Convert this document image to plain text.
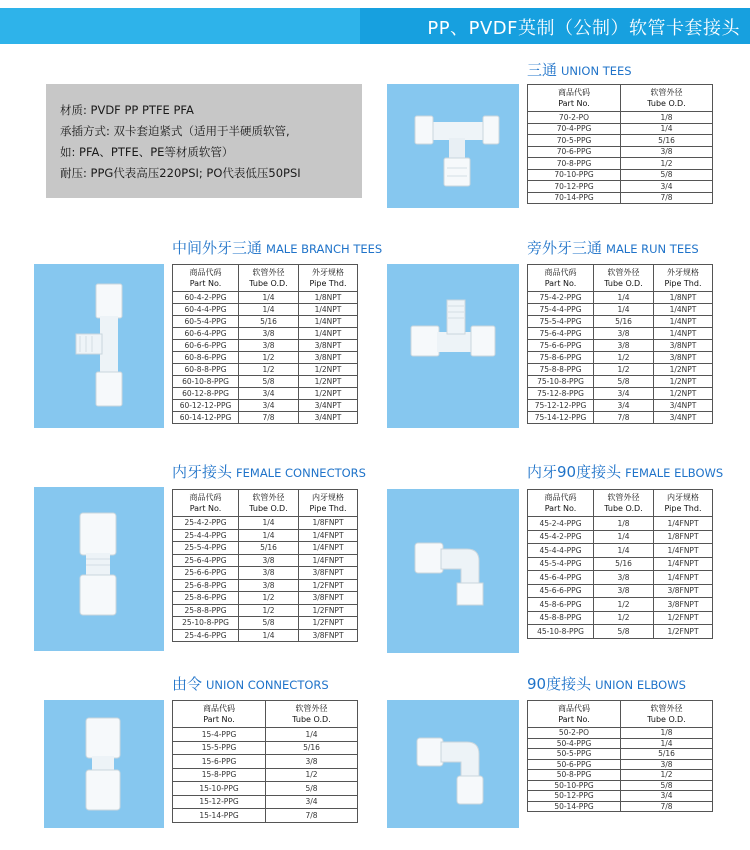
PP、PVDF英制（公制）软管卡套接头
材质: PVDF PP PTFE PFA
承插方式: 双卡套迫紧式（适用于半硬质软管,
如: PFA、PTFE、PE等材质软管）
耐压: PPG代表高压220PSI; PO代表低压50PSI
三通 UNION TEES
商品代码
Part No.	软管外径
Tube O.D.

70-2-PO	1/8
70-4-PPG	1/4
70-5-PPG	5/16
70-6-PPG	3/8
70-8-PPG	1/2
70-10-PPG	5/8
70-12-PPG	3/4
70-14-PPG	7/8
中间外牙三通 MALE BRANCH TEES
商品代码
Part No.	软管外径
Tube O.D.	外牙规格
Pipe Thd.

60-4-2-PPG	1/4	1/8NPT
60-4-4-PPG	1/4	1/4NPT
60-5-4-PPG	5/16	1/4NPT
60-6-4-PPG	3/8	1/4NPT
60-6-6-PPG	3/8	3/8NPT
60-8-6-PPG	1/2	3/8NPT
60-8-8-PPG	1/2	1/2NPT
60-10-8-PPG	5/8	1/2NPT
60-12-8-PPG	3/4	1/2NPT
60-12-12-PPG	3/4	3/4NPT
60-14-12-PPG	7/8	3/4NPT
旁外牙三通 MALE RUN TEES
商品代码
Part No.	软管外径
Tube O.D.	外牙规格
Pipe Thd.

75-4-2-PPG	1/4	1/8NPT
75-4-4-PPG	1/4	1/4NPT
75-5-4-PPG	5/16	1/4NPT
75-6-4-PPG	3/8	1/4NPT
75-6-6-PPG	3/8	3/8NPT
75-8-6-PPG	1/2	3/8NPT
75-8-8-PPG	1/2	1/2NPT
75-10-8-PPG	5/8	1/2NPT
75-12-8-PPG	3/4	1/2NPT
75-12-12-PPG	3/4	3/4NPT
75-14-12-PPG	7/8	3/4NPT
内牙接头 FEMALE CONNECTORS
商品代码
Part No.	软管外径
Tube O.D.	内牙规格
Pipe Thd.

25-4-2-PPG	1/4	1/8FNPT
25-4-4-PPG	1/4	1/4FNPT
25-5-4-PPG	5/16	1/4FNPT
25-6-4-PPG	3/8	1/4FNPT
25-6-6-PPG	3/8	3/8FNPT
25-6-8-PPG	3/8	1/2FNPT
25-8-6-PPG	1/2	3/8FNPT
25-8-8-PPG	1/2	1/2FNPT
25-10-8-PPG	5/8	1/2FNPT
25-4-6-PPG	1/4	3/8FNPT
内牙90度接头 FEMALE ELBOWS
商品代码
Part No.	软管外径
Tube O.D.	内牙规格
Pipe Thd.

45-2-4-PPG	1/8	1/4FNPT
45-4-2-PPG	1/4	1/8FNPT
45-4-4-PPG	1/4	1/4FNPT
45-5-4-PPG	5/16	1/4FNPT
45-6-4-PPG	3/8	1/4FNPT
45-6-6-PPG	3/8	3/8FNPT
45-8-6-PPG	1/2	3/8FNPT
45-8-8-PPG	1/2	1/2FNPT
45-10-8-PPG	5/8	1/2FNPT
由令 UNION CONNECTORS
商品代码
Part No.	软管外径
Tube O.D.

15-4-PPG	1/4
15-5-PPG	5/16
15-6-PPG	3/8
15-8-PPG	1/2
15-10-PPG	5/8
15-12-PPG	3/4
15-14-PPG	7/8
90度接头 UNION ELBOWS
商品代码
Part No.	软管外径
Tube O.D.

50-2-PO	1/8
50-4-PPG	1/4
50-5-PPG	5/16
50-6-PPG	3/8
50-8-PPG	1/2
50-10-PPG	5/8
50-12-PPG	3/4
50-14-PPG	7/8
